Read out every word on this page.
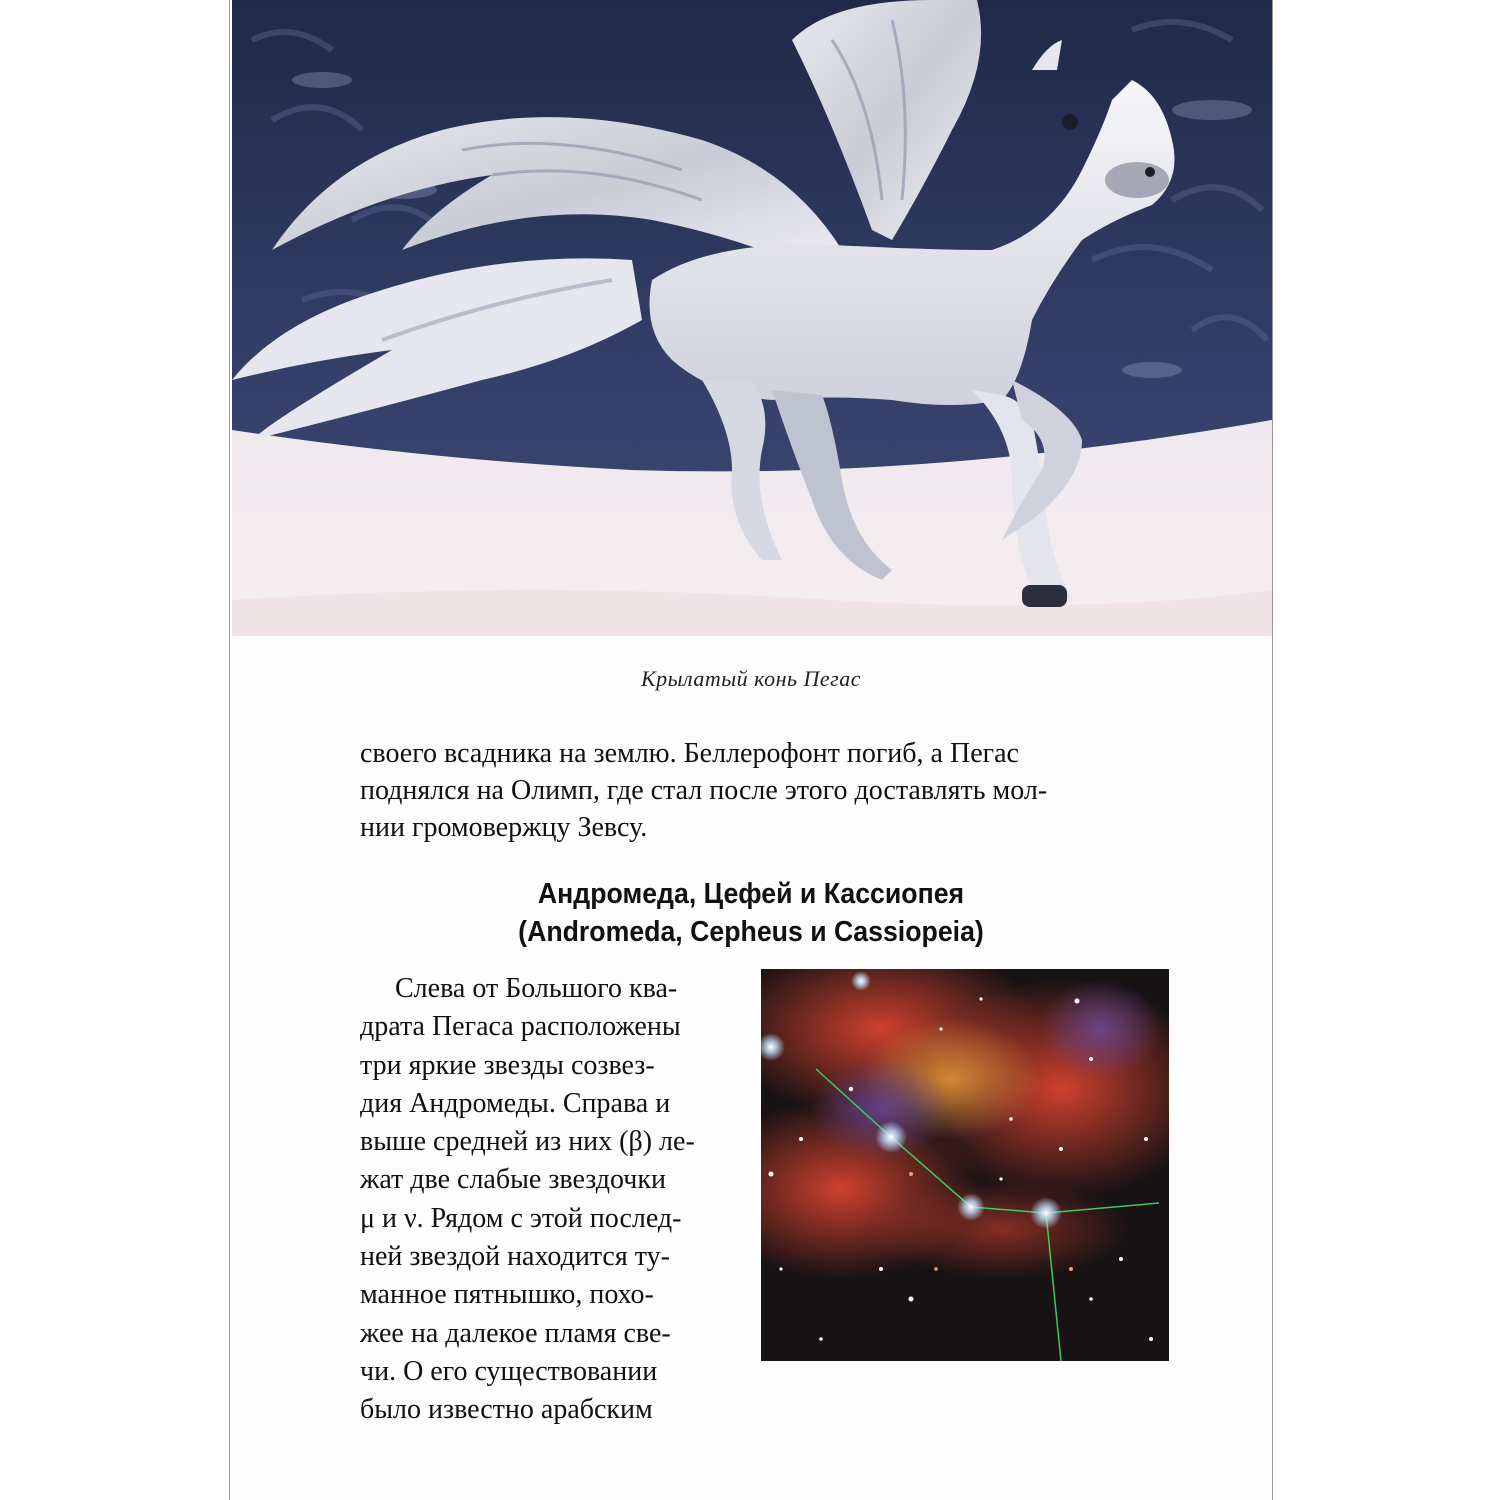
Крылатый конь Пегас
своего всадника на землю. Беллерофонт погиб, а Пегас
поднялся на Олимп, где стал после этого доставлять мол-
нии громовержцу Зевсу.
Андромеда, Цефей и Кассиопея
(Andromeda, Cepheus и Cassiopeia)
Слева от Большого ква-
драта Пегаса расположены
три яркие звезды созвез-
дия Андромеды. Справа и
выше средней из них (β) ле-
жат две слабые звездочки
μ и ν. Рядом с этой послед-
ней звездой находится ту-
манное пятнышко, похо-
жее на далекое пламя све-
чи. О его существовании
было известно арабским
